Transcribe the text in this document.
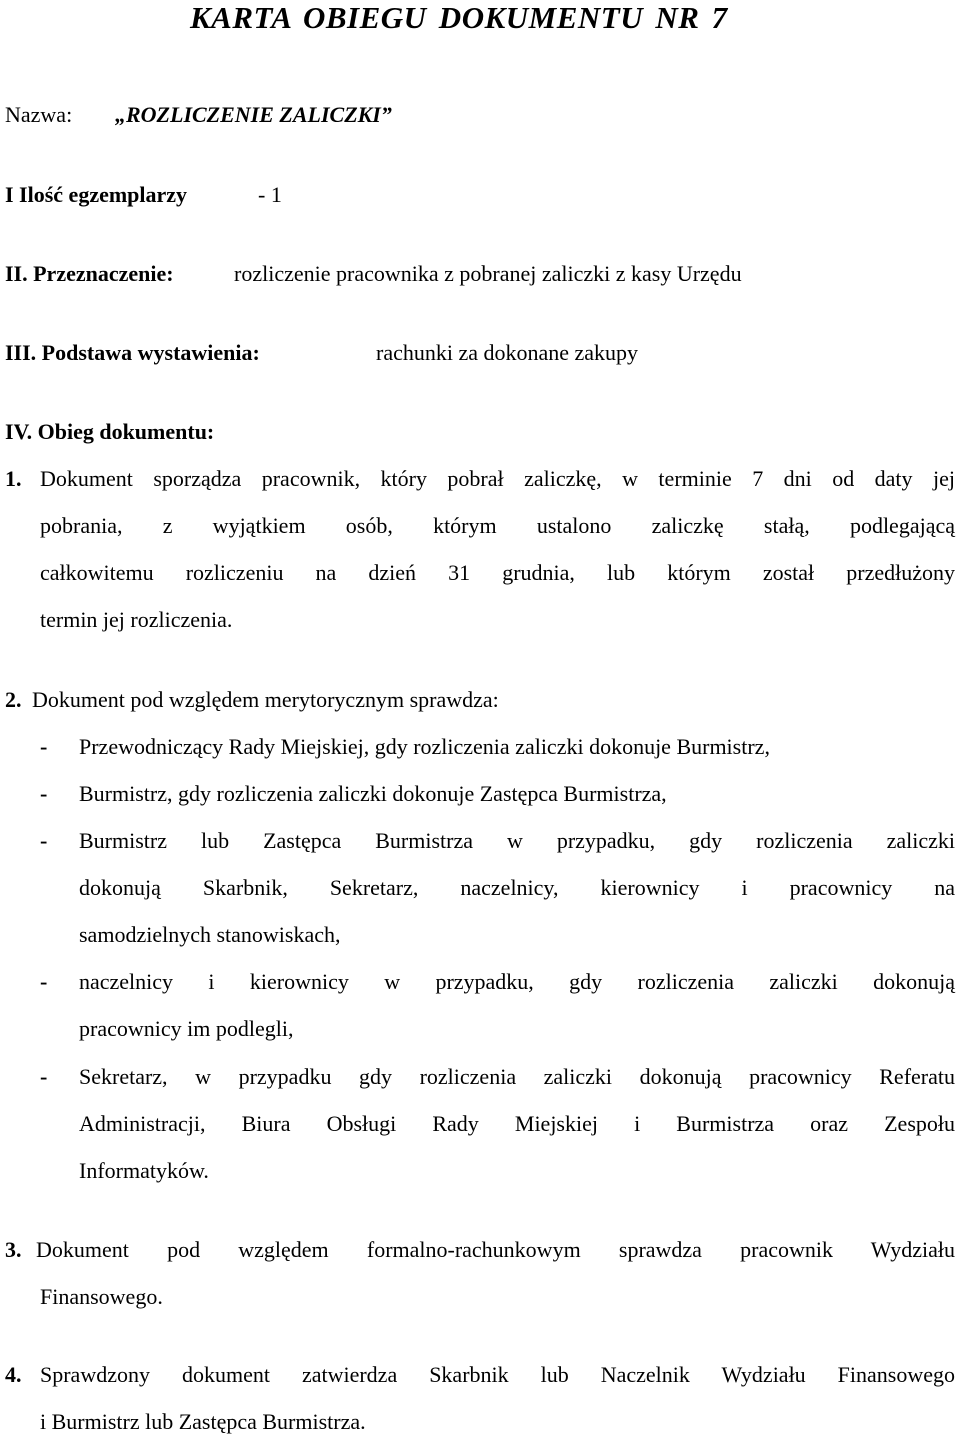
KARTA OBIEGU DOKUMENTU NR 7
Nazwa: „ROZLICZENIE ZALICZKI”
I Ilość egzemplarzy	- 1
II. Przeznaczenie:	rozliczenie pracownika z pobranej zaliczki z kasy Urzędu
III. Podstawa wystawienia:	rachunki za dokonane zakupy
IV. Obieg dokumentu:
1. Dokument sporządza pracownik, który pobrał zaliczkę, w terminie 7 dni od daty jej
pobrania, z wyjątkiem osób, którym ustalono zaliczkę stałą, podlegającą
całkowitemu rozliczeniu na dzień 31 grudnia, lub którym został przedłużony
termin jej rozliczenia.
2. Dokument pod względem merytorycznym sprawdza:
- Przewodniczący Rady Miejskiej, gdy rozliczenia zaliczki dokonuje Burmistrz,
- Burmistrz, gdy rozliczenia zaliczki dokonuje Zastępca Burmistrza,
- Burmistrz lub Zastępca Burmistrza w przypadku, gdy rozliczenia zaliczki
dokonują Skarbnik, Sekretarz, naczelnicy, kierownicy i pracownicy na
samodzielnych stanowiskach,
- naczelnicy i kierownicy w przypadku, gdy rozliczenia zaliczki dokonują
pracownicy im podlegli,
- Sekretarz, w przypadku gdy rozliczenia zaliczki dokonują pracownicy Referatu
Administracji, Biura Obsługi Rady Miejskiej i Burmistrza oraz Zespołu
Informatyków.
3. Dokument pod względem formalno-rachunkowym sprawdza pracownik Wydziału
Finansowego.
4. Sprawdzony dokument zatwierdza Skarbnik lub Naczelnik Wydziału Finansowego
i Burmistrz lub Zastępca Burmistrza.
